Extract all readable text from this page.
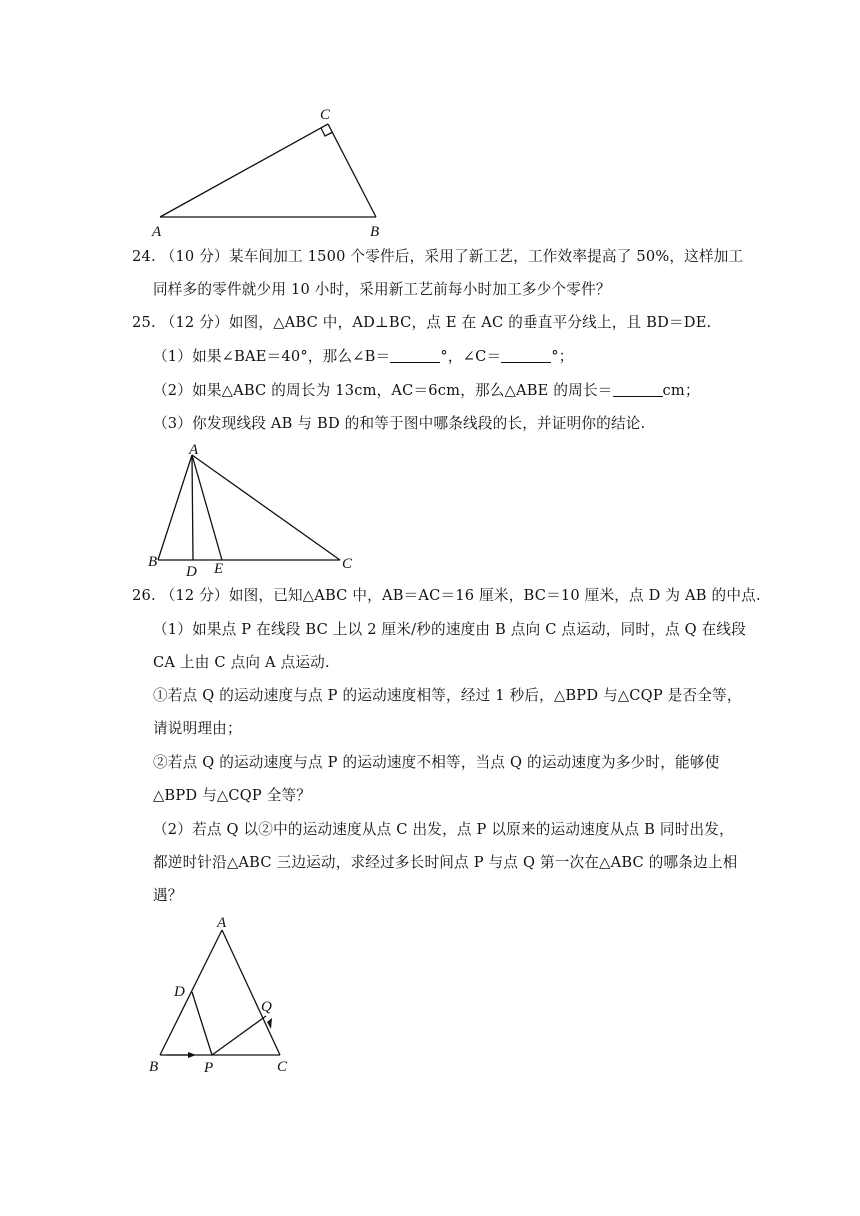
A	B
C
24. （10 分）某车间加工 1500 个零件后，采用了新工艺，工作效率提高了 50%，这样加工
同样多的零件就少用 10 小时，采用新工艺前每小时加工多少个零件？
25. （12 分）如图，△ABC 中，AD⊥BC，点 E 在 AC 的垂直平分线上，且 BD＝DE.
（1）如果∠BAE＝40°，那么∠B＝	°，∠C＝	°；
（2）如果△ABC 的周长为 13cm，AC＝6cm，那么△ABE 的周长＝	cm；
（3）你发现线段 AB 与 BD 的和等于图中哪条线段的长，并证明你的结论.
A
B	C
D E
26. （12 分）如图，已知△ABC 中，AB＝AC＝16 厘米，BC＝10 厘米，点 D 为 AB 的中点.
（1）如果点 P 在线段 BC 上以 2 厘米/秒的速度由 B 点向 C 点运动，同时，点 Q 在线段
CA 上由 C 点向 A 点运动.
①若点 Q 的运动速度与点 P 的运动速度相等，经过 1 秒后，△BPD 与△CQP 是否全等，
请说明理由；
②若点 Q 的运动速度与点 P 的运动速度不相等，当点 Q 的运动速度为多少时，能够使
△BPD 与△CQP 全等？
（2）若点 Q 以②中的运动速度从点 C 出发，点 P 以原来的运动速度从点 B 同时出发，
都逆时针沿△ABC 三边运动，求经过多长时间点 P 与点 Q 第一次在△ABC 的哪条边上相
遇？
A
B	C
D
P
Q
